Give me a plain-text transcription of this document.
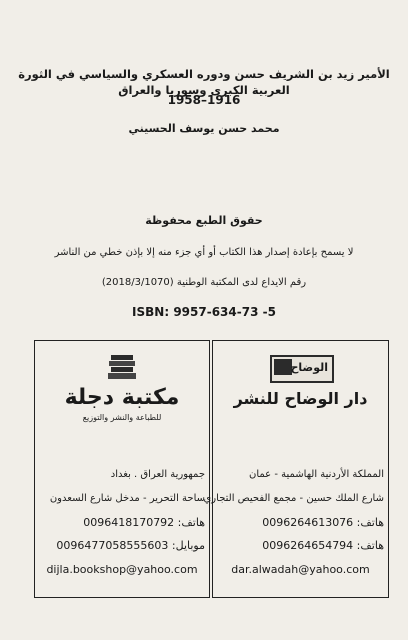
الأمير زيد بن الشريف حسن ودوره العسكري والسياسي في الثورة العربية الكبرى وسوريا والعراق
1958–1916
محمد حسن يوسف الحسيني
حقوق الطبع محفوظة
لا يسمح بإعادة إصدار هذا الكتاب أو أي جزء منه إلا بإذن خطي من الناشر
رقم الايداع لدى المكتبة الوطنية (2018/3/1070)
ISBN: 9957-634-73 -5
مكتبة دجلة
للطباعة والنشر والتوزيع
جمهورية العراق . بغداد
ساحة التحرير - مدخل شارع السعدون
هاتف: 0096418170792
موبايل: 0096477058555603
dijla.bookshop@yahoo.com
الوضاح
دار الوضاح للنشر
المملكة الأردنية الهاشمية - عمان
شارع الملك حسين - مجمع الفحيص التجاري
هاتف: 0096264613076
هاتف: 0096264654794
dar.alwadah@yahoo.com
